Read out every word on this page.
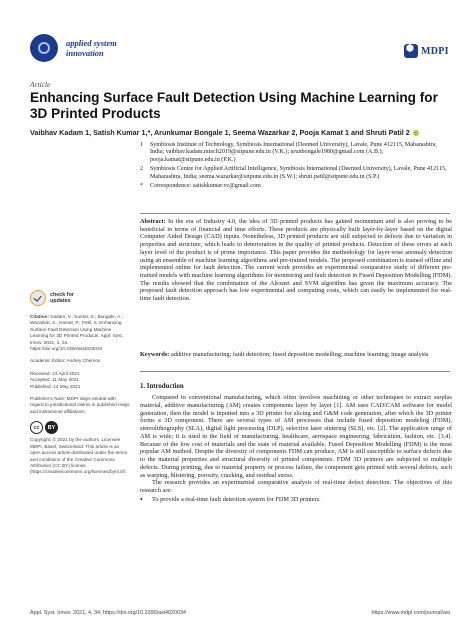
applied system
innovation
⬢	MDPI
Article
Enhancing Surface Fault Detection Using Machine Learning for 3D Printed Products
Vaibhav Kadam 1, Satish Kumar 1,*, Arunkumar Bongale 1, Seema Wazarkar 2, Pooja Kamat 1 and Shruti Patil 2
1	Symbiosis Institute of Technology, Symbiosis International (Deemed University), Lavale, Pune 412115, Maharashtra, India; vaibhav.kadam.mtech2019@sitpune.edu.in (V.K.); arunbongale1980@gmail.com (A.B.); pooja.kamat@sitpune.edu.in (P.K.)
2	Symbiosis Centre for Applied Artificial Intelligence, Symbiosis International (Deemed University), Lavale, Pune 412115, Maharashtra, India; seema.wazarkar@sitpune.edu.in (S.W.); shruti.patil@sitpune.edu.in (S.P.)
*	Correspondence: satishkumar.vc@gmail.com
Abstract: In the era of Industry 4.0, the idea of 3D printed products has gained momentum and is also proving to be beneficial in terms of financial and time efforts. These products are physically built layer-by-layer based on the digital Computer Aided Design (CAD) inputs. Nonetheless, 3D printed products are still subjected to defects due to variation in properties and structure, which leads to deterioration in the quality of printed products. Detection of these errors at each layer level of the product is of prime importance. This paper provides the methodology for layer-wise anomaly detection using an ensemble of machine learning algorithms and pre-trained models. The proposed combination is trained offline and implemented online for fault detection. The current work provides an experimental comparative study of different pre-trained models with machine learning algorithms for monitoring and fault detection in Fused Deposition Modelling (FDM). The results showed that the combination of the Alexnet and SVM algorithm has given the maximum accuracy. The proposed fault detection approach has low experimental and computing costs, which can easily be implemented for real-time fault detection.
Keywords: additive manufacturing; fault detection; fused deposition modelling; machine learning; image analysis
check for
updates
Citation: Kadam, V.; Kumar, S.; Bongale, A.; Wazarkar, S.; Kamat, P.; Patil, S. Enhancing Surface Fault Detection Using Machine Learning for 3D Printed Products. Appl. Syst. Innov. 2021, 4, 34. https://doi.org/10.3390/asi4020034
Academic Editor: Andrey Chernov
Received: 23 April 2021
Accepted: 11 May 2021
Published: 14 May 2021
Publisher's Note: MDPI stays neutral with regard to jurisdictional claims in published maps and institutional affiliations.
cc	BY
Copyright: © 2021 by the authors. Licensee MDPI, Basel, Switzerland. This article is an open access article distributed under the terms and conditions of the Creative Commons Attribution (CC BY) license (https://creativecommons.org/licenses/by/4.0/).
1. Introduction

Compared to conventional manufacturing, which often involves machining or other techniques to extract surplus material, additive manufacturing (AM) creates components layer by layer [1]. AM uses CAD/CAM software for model generation, then the model is inputted into a 3D printer for slicing and G&M code generation, after which the 3D printer forms a 3D component. There are several types of AM processes that include fused deposition modeling (FDM), stereolithography (SLA), digital light processing (DLP), selective laser sintering (SLS), etc. [2]. The application range of AM is wide; it is used in the field of manufacturing, healthcare, aerospace engineering, fabrication, fashion, etc. [3,4]. Because of the low cost of materials and the state of material available, Fused Deposition Modelling (FDM) is the most popular AM method. Despite the diversity of components FDM can produce, AM is still susceptible to surface defects due to the material properties and structural diversity of printed components. FDM 3D printers are subjected to multiple defects. During printing, due to material property or process failure, the component gets printed with several defects, such as warping, blistering, porosity, cracking, and residual stress.

The research provides an experimental comparative analysis of real-time defect detection. The objectives of this research are:

•	To provide a real-time fault detection system for FDM 3D printers.
Appl. Syst. Innov. 2021, 4, 34. https://doi.org/10.3390/asi4020034	https://www.mdpi.com/journal/asi
